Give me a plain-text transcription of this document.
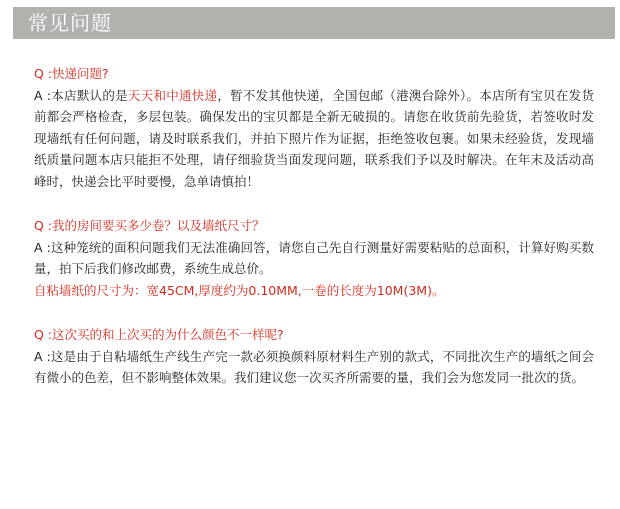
常见问题
Q :快递问题?
A :本店默认的是天天和中通快递，暂不发其他快递，全国包邮（港澳台除外）。本店所有宝贝在发货前都会严格检查，多层包装。确保发出的宝贝都是全新无破损的。请您在收货前先验货，若签收时发现墙纸有任何问题，请及时联系我们，并拍下照片作为证据，拒绝签收包裹。如果未经验货，发现墙纸质量问题本店只能拒不处理，请仔细验货当面发现问题，联系我们予以及时解决。在年末及活动高峰时，快递会比平时要慢，急单请慎拍！
Q :我的房间要买多少卷？以及墙纸尺寸？
A :这种笼统的面积问题我们无法准确回答，请您自己先自行测量好需要粘贴的总面积，计算好购买数量，拍下后我们修改邮费，系统生成总价。
自粘墙纸的尺寸为：宽45CM,厚度约为0.10MM,一卷的长度为10M(3M)。
Q :这次买的和上次买的为什么颜色不一样呢?
A :这是由于自粘墙纸生产线生产完一款必须换颜料原材料生产别的款式，不同批次生产的墙纸之间会有微小的色差，但不影响整体效果。我们建议您一次买齐所需要的量，我们会为您发同一批次的货。
